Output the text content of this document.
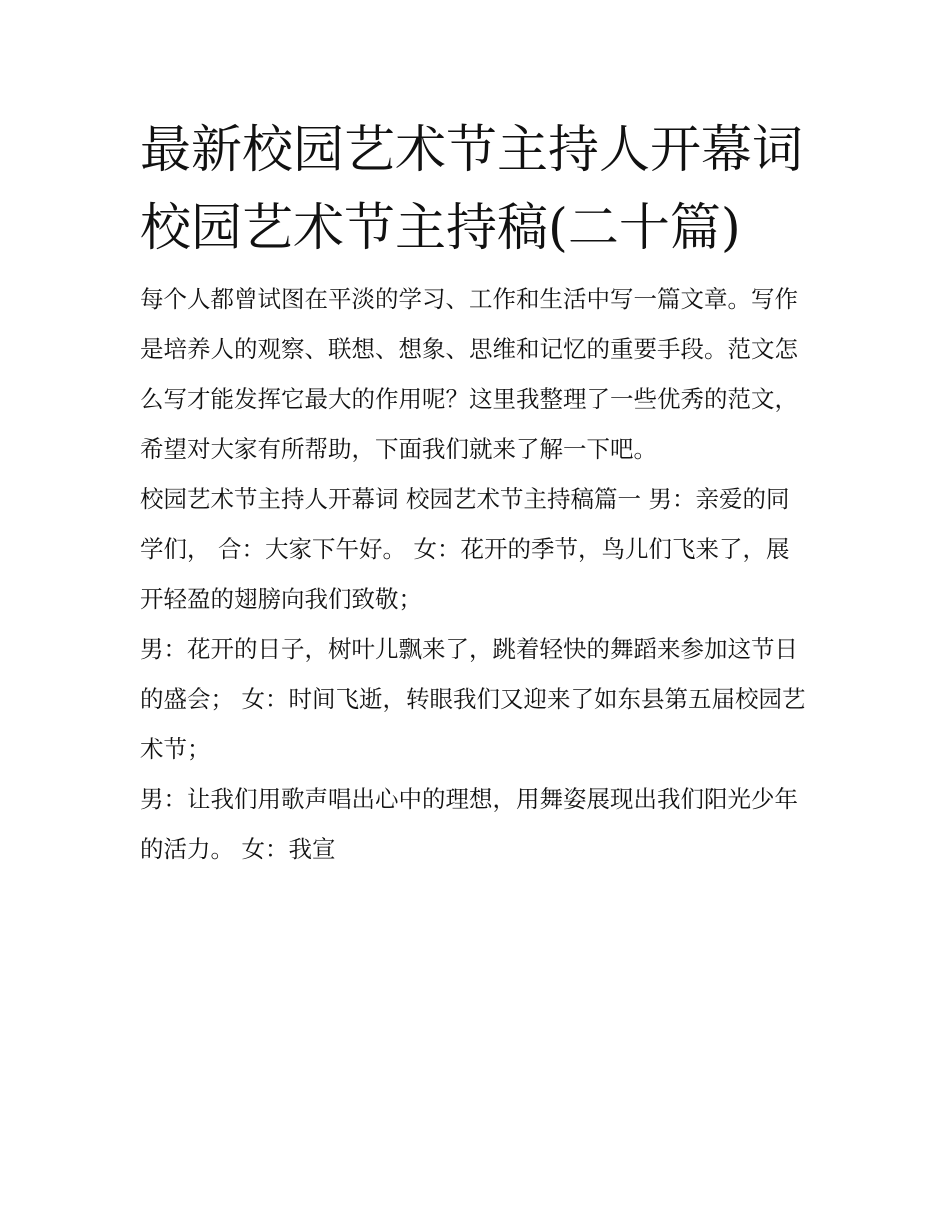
最新校园艺术节主持人开幕词
校园艺术节主持稿(二十篇)

每个人都曾试图在平淡的学习、工作和生活中写一篇文章。写作是培养人的观察、联想、想象、思维和记忆的重要手段。范文怎么写才能发挥它最大的作用呢？这里我整理了一些优秀的范文，希望对大家有所帮助，下面我们就来了解一下吧。

校园艺术节主持人开幕词 校园艺术节主持稿篇一 男：亲爱的同学们， 合：大家下午好。 女：花开的季节，鸟儿们飞来了，展开轻盈的翅膀向我们致敬；

男：花开的日子，树叶儿飘来了，跳着轻快的舞蹈来参加这节日的盛会； 女：时间飞逝，转眼我们又迎来了如东县第五届校园艺术节；

男：让我们用歌声唱出心中的理想，用舞姿展现出我们阳光少年的活力。 女：我宣
